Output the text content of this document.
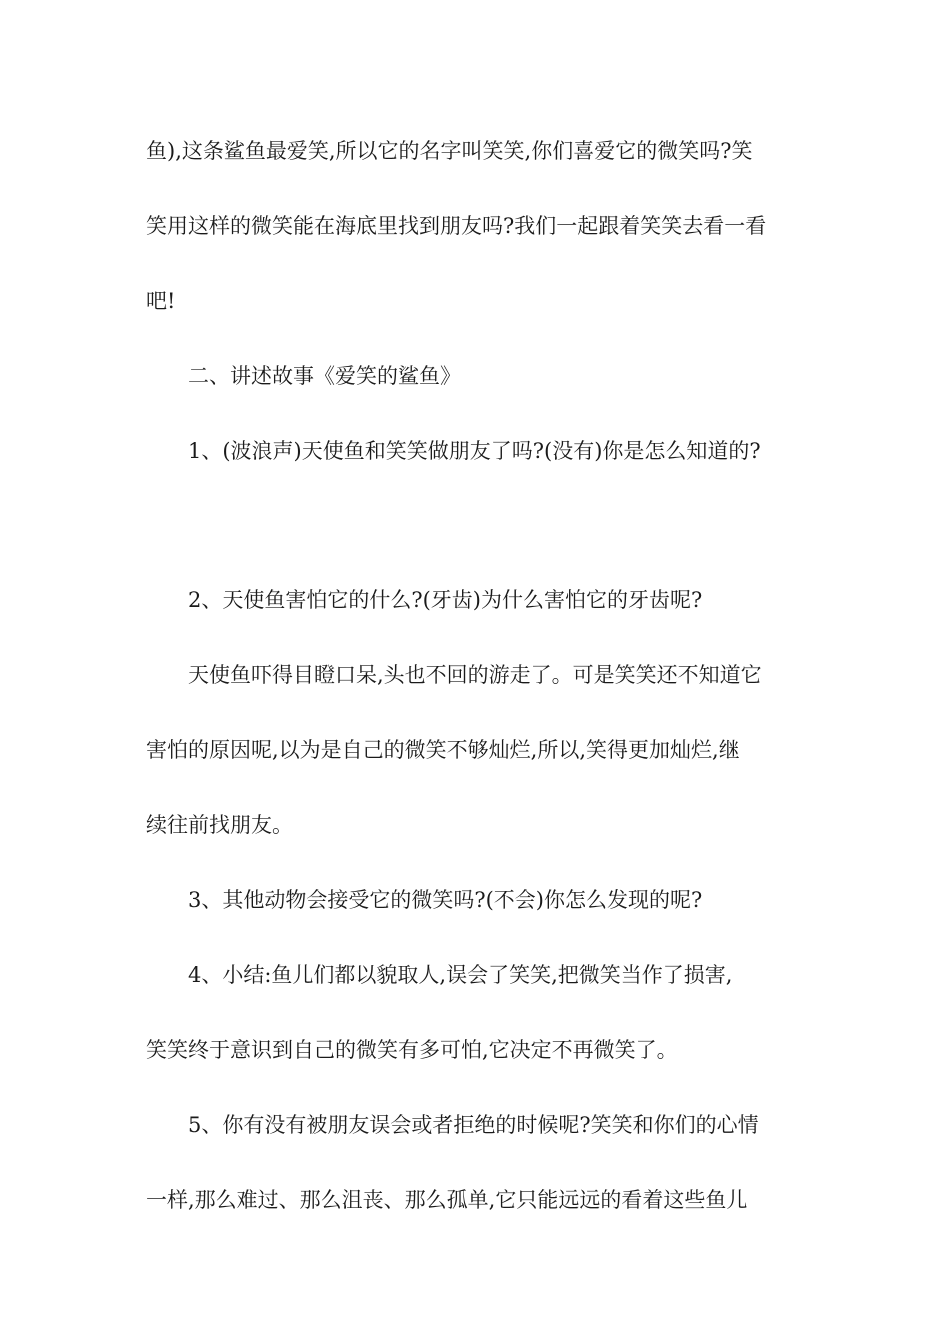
鱼),这条鲨鱼最爱笑,所以它的名字叫笑笑,你们喜爱它的微笑吗?笑
笑用这样的微笑能在海底里找到朋友吗?我们一起跟着笑笑去看一看
吧!
二、讲述故事《爱笑的鲨鱼》
1、(波浪声)天使鱼和笑笑做朋友了吗?(没有)你是怎么知道的?
2、天使鱼害怕它的什么?(牙齿)为什么害怕它的牙齿呢?
天使鱼吓得目瞪口呆,头也不回的游走了。可是笑笑还不知道它
害怕的原因呢,以为是自己的微笑不够灿烂,所以,笑得更加灿烂,继
续往前找朋友。
3、其他动物会接受它的微笑吗?(不会)你怎么发现的呢?
4、小结:鱼儿们都以貌取人,误会了笑笑,把微笑当作了损害,
笑笑终于意识到自己的微笑有多可怕,它决定不再微笑了。
5、你有没有被朋友误会或者拒绝的时候呢?笑笑和你们的心情
一样,那么难过、那么沮丧、那么孤单,它只能远远的看着这些鱼儿
